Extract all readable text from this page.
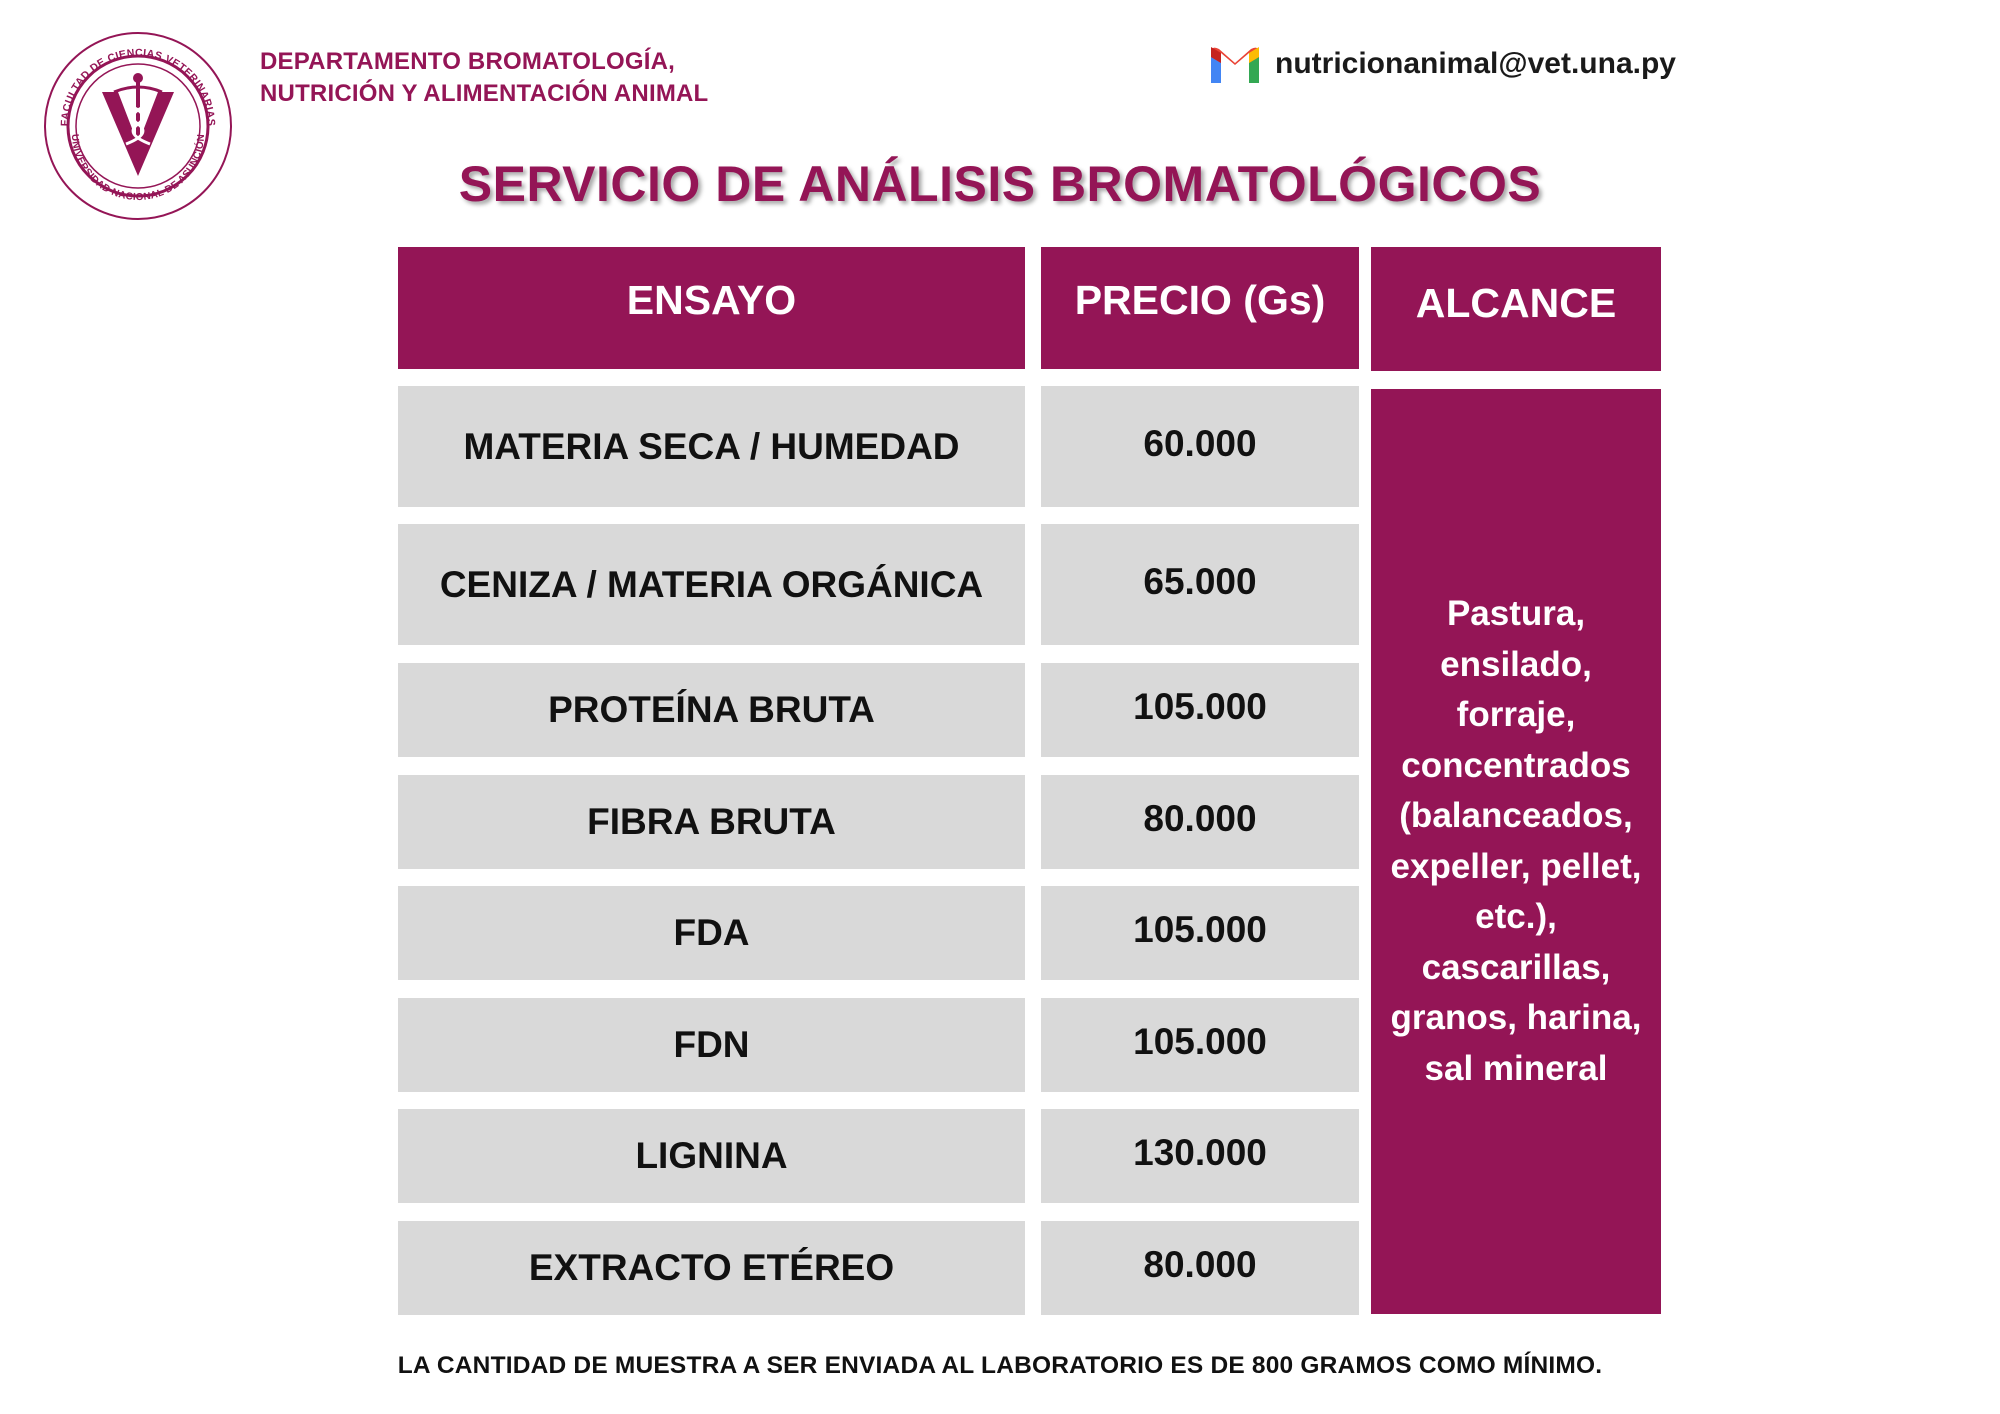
FACULTAD DE CIENCIAS VETERINARIAS
UNIVERSIDAD NACIONAL DE ASUNCIÓN
DEPARTAMENTO BROMATOLOGÍA,
NUTRICIÓN Y ALIMENTACIÓN ANIMAL
nutricionanimal@vet.una.py
SERVICIO DE ANÁLISIS BROMATOLÓGICOS
ENSAYO	PRECIO (Gs) ALCANCE
MATERIA SECA / HUMEDAD
CENIZA / MATERIA ORGÁNICA
PROTEÍNA BRUTA
FIBRA BRUTA
FDA
FDN
LIGNINA
EXTRACTO ETÉREO
60.000
65.000
105.000
80.000
105.000
105.000
130.000
80.000
Pastura,
ensilado,
forraje,
concentrados
(balanceados,
expeller, pellet,
etc.),
cascarillas,
granos, harina,
sal mineral
LA CANTIDAD DE MUESTRA A SER ENVIADA AL LABORATORIO ES DE 800 GRAMOS COMO MÍNIMO.
